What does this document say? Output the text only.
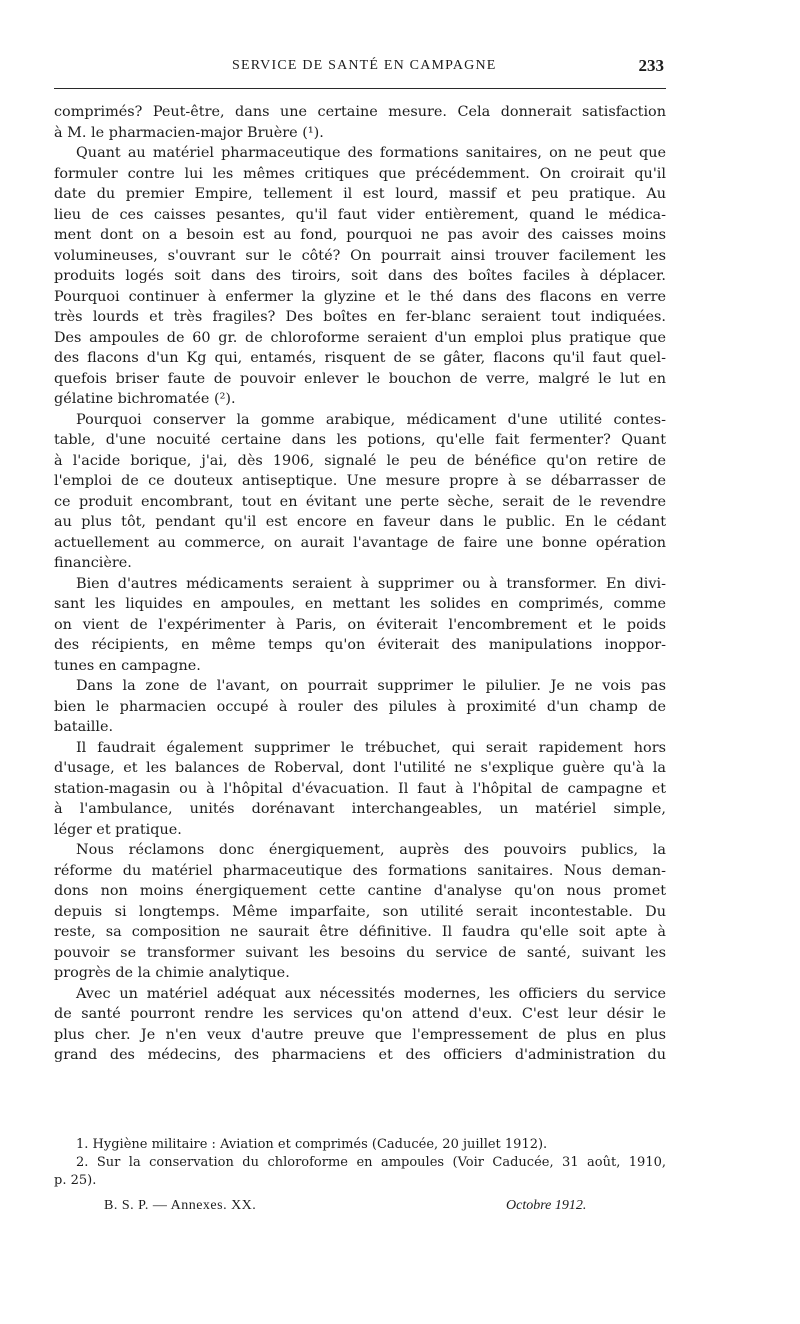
SERVICE DE SANTÉ EN CAMPAGNE	233
comprimés? Peut-être, dans une certaine mesure. Cela donnerait satisfaction
à M. le pharmacien-major Bruère (¹).
Quant au matériel pharmaceutique des formations sanitaires, on ne peut que
formuler contre lui les mêmes critiques que précédemment. On croirait qu'il
date du premier Empire, tellement il est lourd, massif et peu pratique. Au
lieu de ces caisses pesantes, qu'il faut vider entièrement, quand le médica-
ment dont on a besoin est au fond, pourquoi ne pas avoir des caisses moins
volumineuses, s'ouvrant sur le côté? On pourrait ainsi trouver facilement les
produits logés soit dans des tiroirs, soit dans des boîtes faciles à déplacer.
Pourquoi continuer à enfermer la glyzine et le thé dans des flacons en verre
très lourds et très fragiles? Des boîtes en fer-blanc seraient tout indiquées.
Des ampoules de 60 gr. de chloroforme seraient d'un emploi plus pratique que
des flacons d'un Kg qui, entamés, risquent de se gâter, flacons qu'il faut quel-
quefois briser faute de pouvoir enlever le bouchon de verre, malgré le lut en
gélatine bichromatée (²).
Pourquoi conserver la gomme arabique, médicament d'une utilité contes-
table, d'une nocuité certaine dans les potions, qu'elle fait fermenter? Quant
à l'acide borique, j'ai, dès 1906, signalé le peu de bénéfice qu'on retire de
l'emploi de ce douteux antiseptique. Une mesure propre à se débarrasser de
ce produit encombrant, tout en évitant une perte sèche, serait de le revendre
au plus tôt, pendant qu'il est encore en faveur dans le public. En le cédant
actuellement au commerce, on aurait l'avantage de faire une bonne opération
financière.
Bien d'autres médicaments seraient à supprimer ou à transformer. En divi-
sant les liquides en ampoules, en mettant les solides en comprimés, comme
on vient de l'expérimenter à Paris, on éviterait l'encombrement et le poids
des récipients, en même temps qu'on éviterait des manipulations inoppor-
tunes en campagne.
Dans la zone de l'avant, on pourrait supprimer le pilulier. Je ne vois pas
bien le pharmacien occupé à rouler des pilules à proximité d'un champ de
bataille.
Il faudrait également supprimer le trébuchet, qui serait rapidement hors
d'usage, et les balances de Roberval, dont l'utilité ne s'explique guère qu'à la
station-magasin ou à l'hôpital d'évacuation. Il faut à l'hôpital de campagne et
à l'ambulance, unités dorénavant interchangeables, un matériel simple,
léger et pratique.
Nous réclamons donc énergiquement, auprès des pouvoirs publics, la
réforme du matériel pharmaceutique des formations sanitaires. Nous deman-
dons non moins énergiquement cette cantine d'analyse qu'on nous promet
depuis si longtemps. Même imparfaite, son utilité serait incontestable. Du
reste, sa composition ne saurait être définitive. Il faudra qu'elle soit apte à
pouvoir se transformer suivant les besoins du service de santé, suivant les
progrès de la chimie analytique.
Avec un matériel adéquat aux nécessités modernes, les officiers du service
de santé pourront rendre les services qu'on attend d'eux. C'est leur désir le
plus cher. Je n'en veux d'autre preuve que l'empressement de plus en plus
grand des médecins, des pharmaciens et des officiers d'administration du
1. Hygiène militaire : Aviation et comprimés (Caducée, 20 juillet 1912).
2. Sur la conservation du chloroforme en ampoules (Voir Caducée, 31 août, 1910,
p. 25).
B. S. P. — Annexes. XX.	Octobre 1912.
